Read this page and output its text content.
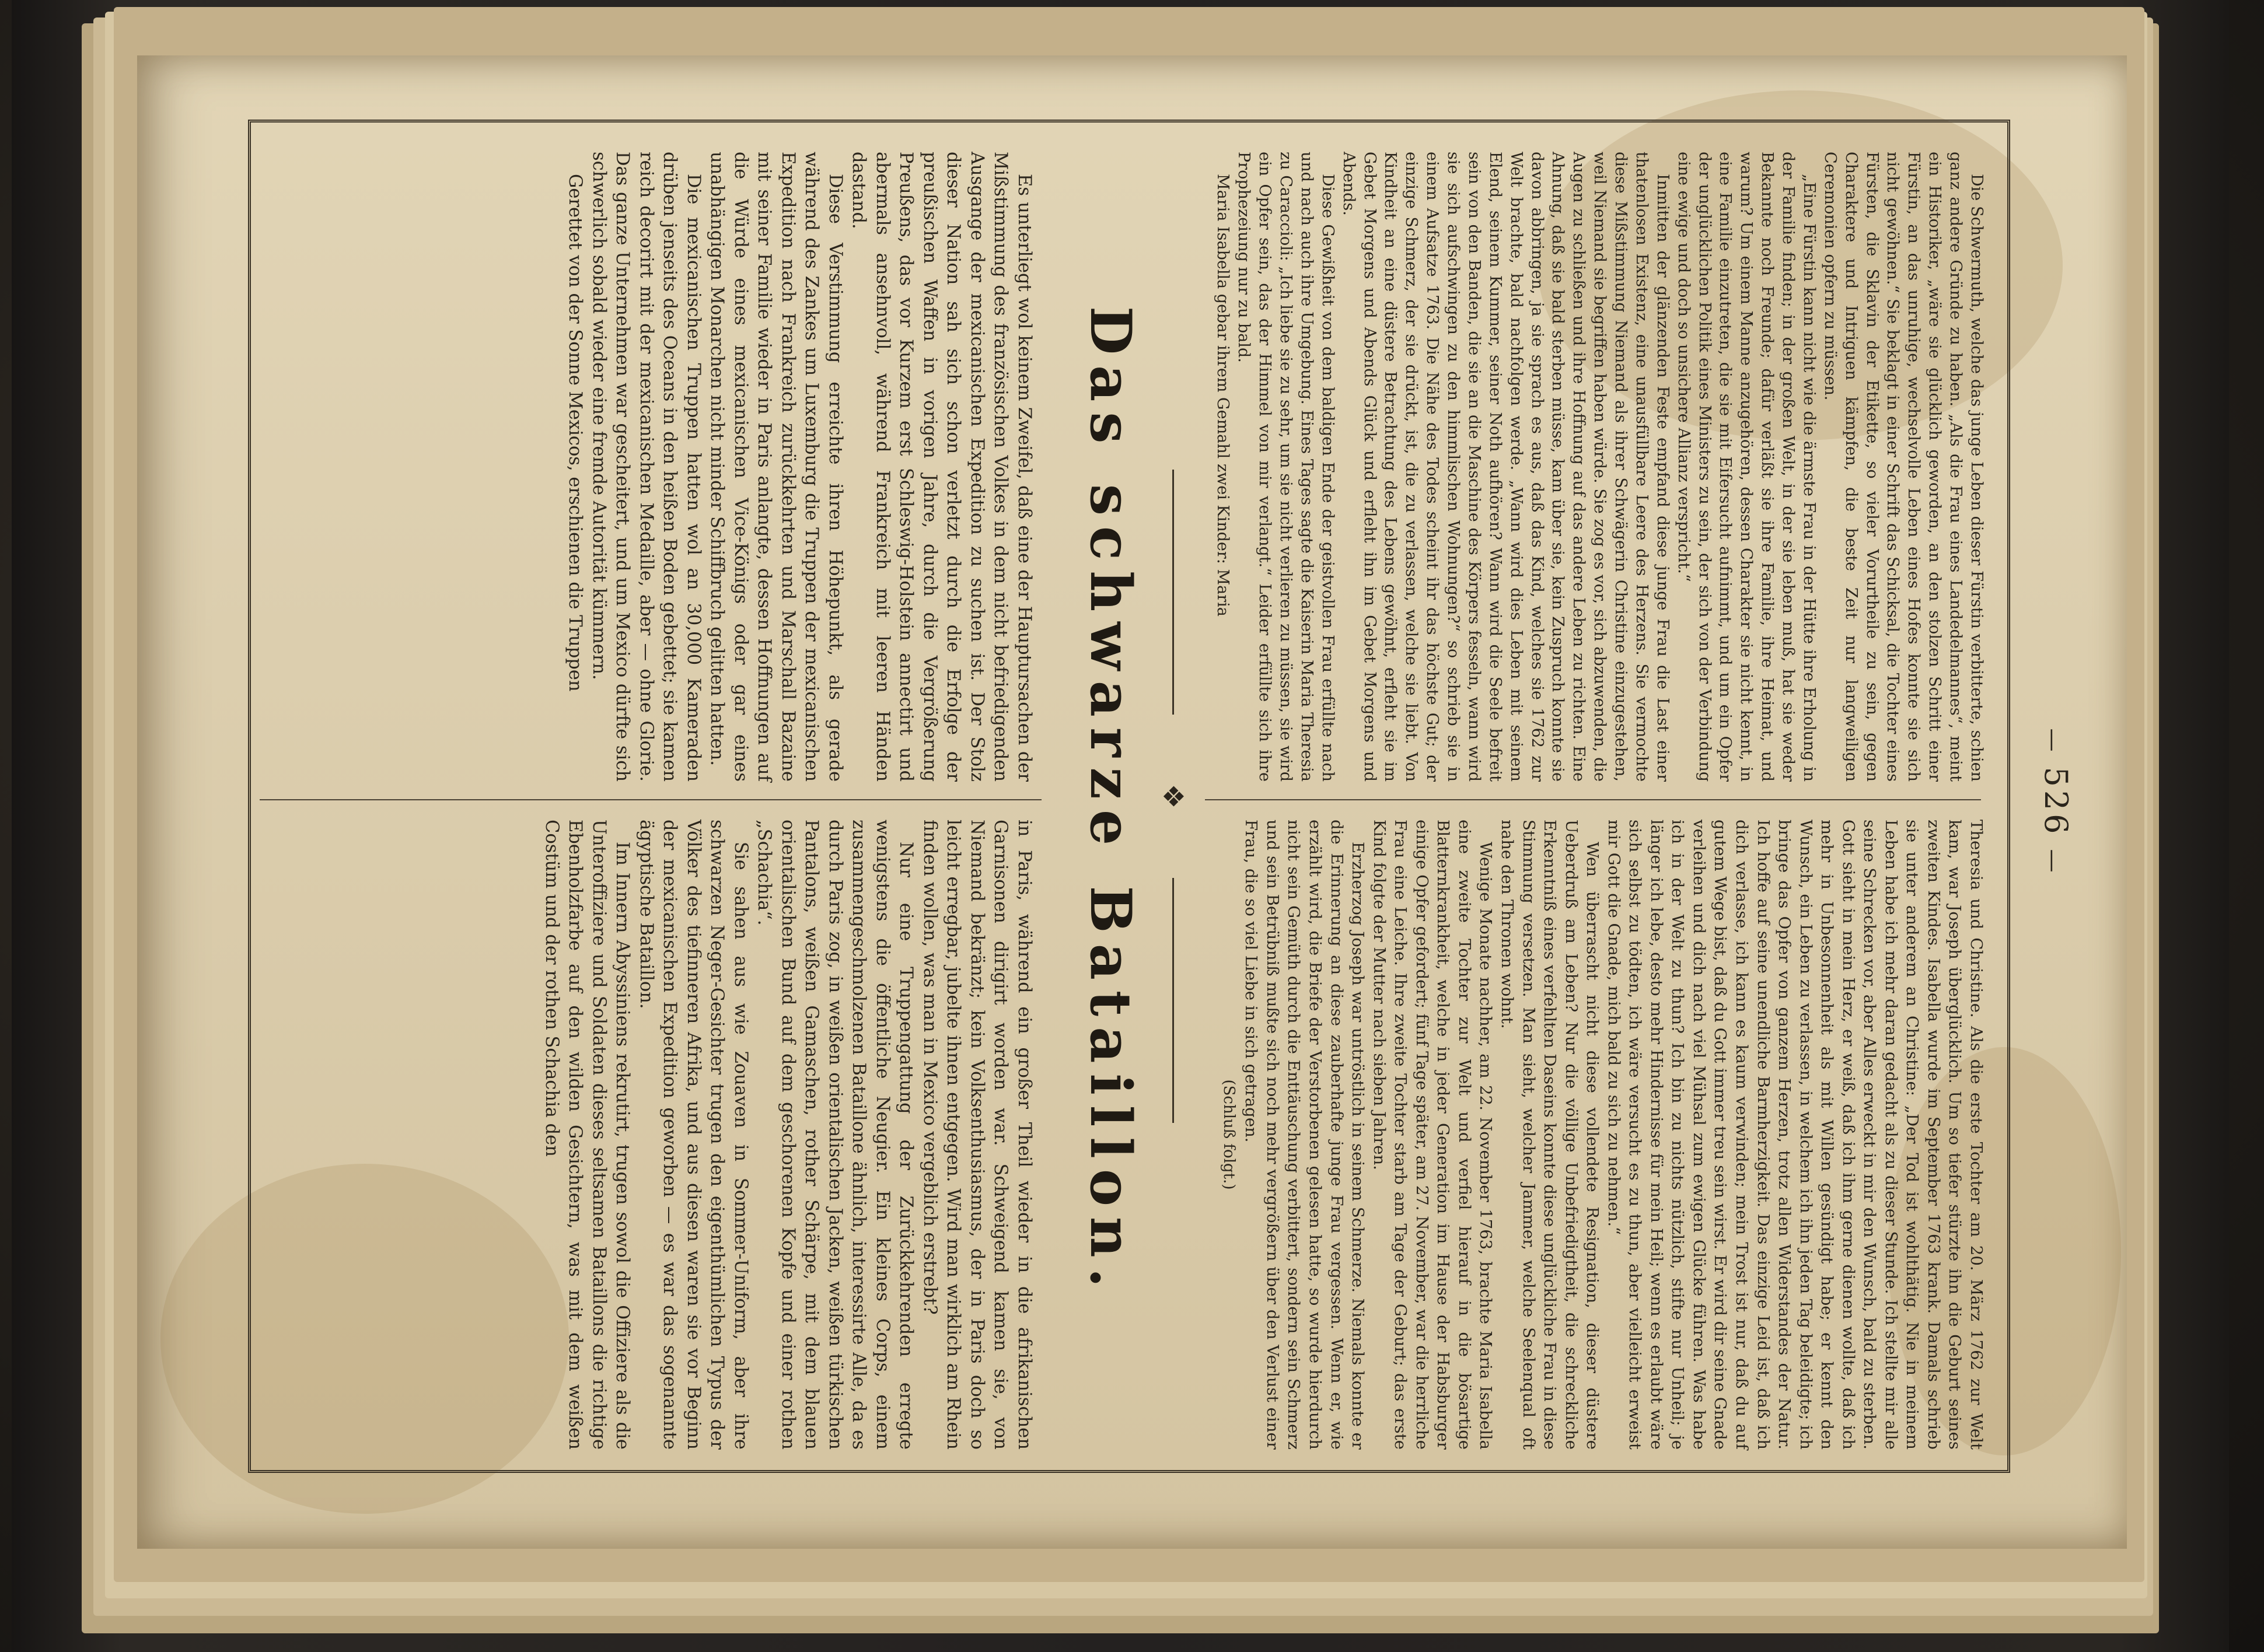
—526—

Die Schwermuth, welche das junge Leben dieser Fürstin verbitterte, schien ganz andere Gründe zu haben. „Als die Frau eines Landedelmannes“, meint ein Historiker, „wäre sie glücklich geworden, an den stolzen Schritt einer Fürstin, an das unruhige, wechselvolle Leben eines Hofes konnte sie sich nicht gewöhnen.“ Sie beklagt in einer Schrift das Schicksal, die Tochter eines Fürsten, die Sklavin der Etikette, so vieler Vorurtheile zu sein, gegen Charaktere und Intriguen kämpfen, die beste Zeit nur langweiligen Ceremonien opfern zu müssen.

„Eine Fürstin kann nicht wie die ärmste Frau in der Hütte ihre Erholung in der Familie finden; in der großen Welt, in der sie leben muß, hat sie weder Bekannte noch Freunde; dafür verläßt sie ihre Familie, ihre Heimat, und warum? Um einem Manne anzugehören, dessen Charakter sie nicht kennt, in eine Familie einzutreten, die sie mit Eifersucht aufnimmt, und um ein Opfer der unglücklichen Politik eines Ministers zu sein, der sich von der Verbindung eine ewige und doch so unsichere Allianz verspricht.“

Inmitten der glänzenden Feste empfand diese junge Frau die Last einer thatenlosen Existenz, eine unausfüllbare Leere des Herzens. Sie vermochte diese Mißstimmung Niemand als ihrer Schwägerin Christine einzugestehen, weil Niemand sie begriffen haben würde. Sie zog es vor, sich abzuwenden, die Augen zu schließen und ihre Hoffnung auf das andere Leben zu richten. Eine Ahnung, daß sie bald sterben müsse, kam über sie, kein Zuspruch konnte sie davon abbringen, ja sie sprach es aus, daß das Kind, welches sie 1762 zur Welt brachte, bald nachfolgen werde. „Wann wird dies Leben mit seinem Elend, seinem Kummer, seiner Noth aufhören? Wann wird die Seele befreit sein von den Banden, die sie an die Maschine des Körpers fesseln, wann wird sie sich aufschwingen zu den himmlischen Wohnungen?“ so schrieb sie in einem Aufsatze 1763. Die Nähe des Todes scheint ihr das höchste Gut; der einzige Schmerz, der sie drückt, ist, die zu verlassen, welche sie liebt. Von Kindheit an eine düstere Betrachtung des Lebens gewöhnt, erfleht sie im Gebet Morgens und Abends Glück und erfleht ihn im Gebet Morgens und Abends.

Diese Gewißheit von dem baldigen Ende der geistvollen Frau erfüllte nach und nach auch ihre Umgebung. Eines Tages sagte die Kaiserin Maria Theresia zu Caraccioli: „Ich liebe sie zu sehr, um sie nicht verlieren zu müssen, sie wird ein Opfer sein, das der Himmel von mir verlangt.“ Leider erfüllte sich ihre Prophezeiung nur zu bald.

Maria Isabella gebar ihrem Gemahl zwei Kinder: Maria

Theresia und Christine. Als die erste Tochter am 20. März 1762 zur Welt kam, war Joseph überglücklich. Um so tiefer stürzte ihn die Geburt seines zweiten Kindes. Isabella wurde im September 1763 krank. Damals schrieb sie unter anderem an Christine: „Der Tod ist wohlthätig. Nie in meinem Leben habe ich mehr daran gedacht als zu dieser Stunde. Ich stellte mir alle seine Schrecken vor, aber Alles erweckt in mir den Wunsch, bald zu sterben. Gott sieht in mein Herz, er weiß, daß ich ihm gerne dienen wollte, daß ich mehr in Unbesonnenheit als mit Willen gesündigt habe; er kennt den Wunsch, ein Leben zu verlassen, in welchem ich ihn jeden Tag beleidigte; ich bringe das Opfer von ganzem Herzen, trotz allen Widerstandes der Natur. Ich hoffe auf seine unendliche Barmherzigkeit. Das einzige Leid ist, daß ich dich verlasse, ich kann es kaum verwinden; mein Trost ist nur, daß du auf gutem Wege bist, daß du Gott immer treu sein wirst. Er wird dir seine Gnade verleihen und dich nach viel Mühsal zum ewigen Glücke führen. Was habe ich in der Welt zu thun? Ich bin zu nichts nützlich, stifte nur Unheil; je länger ich lebe, desto mehr Hindernisse für mein Heil; wenn es erlaubt wäre sich selbst zu tödten, ich wäre versucht es zu thun, aber vielleicht erweist mir Gott die Gnade, mich bald zu sich zu nehmen.“

Wen überrascht nicht diese vollendete Resignation, dieser düstere Ueberdruß am Leben? Nur die völlige Unbefriedigtheit, die schreckliche Erkenntniß eines verfehlten Daseins konnte diese unglückliche Frau in diese Stimmung versetzen. Man sieht, welcher Jammer, welche Seelenqual oft nahe den Thronen wohnt.

Wenige Monate nachher, am 22. November 1763, brachte Maria Isabella eine zweite Tochter zur Welt und verfiel hierauf in die bösartige Blatternkrankheit, welche in jeder Generation im Hause der Habsburger einige Opfer gefordert; fünf Tage später, am 27. November, war die herrliche Frau eine Leiche. Ihre zweite Tochter starb am Tage der Geburt; das erste Kind folgte der Mutter nach sieben Jahren.

Erzherzog Joseph war untröstlich in seinem Schmerze. Niemals konnte er die Erinnerung an diese zauberhafte junge Frau vergessen. Wenn er, wie erzählt wird, die Briefe der Verstorbenen gelesen hatte, so wurde hierdurch nicht sein Gemüth durch die Enttäuschung verbittert, sondern sein Schmerz und sein Betrübniß mußte sich noch mehr vergrößern über den Verlust einer Frau, die so viel Liebe in sich getragen.

(Schluß folgt.)
❖
Das schwarze Bataillon.

Es unterliegt wol keinem Zweifel, daß eine der Hauptursachen der Mißstimmung des französischen Volkes in dem nicht befriedigenden Ausgange der mexicanischen Expedition zu suchen ist. Der Stolz dieser Nation sah sich schon verletzt durch die Erfolge der preußischen Waffen in vorigen Jahre, durch die Vergrößerung Preußens, das vor Kurzem erst Schleswig-Holstein annectirt und abermals ansehnvoll, während Frankreich mit leeren Händen dastand.

Diese Verstimmung erreichte ihren Höhepunkt, als gerade während des Zankes um Luxemburg die Truppen der mexicanischen Expedition nach Frankreich zurückkehrten und Marschall Bazaine mit seiner Familie wieder in Paris anlangte, dessen Hoffnungen auf die Würde eines mexicanischen Vice-Königs oder gar eines unabhängigen Monarchen nicht minder Schiffbruch gelitten hatten.

Die mexicanischen Truppen hatten wol an 30,000 Kameraden drüben jenseits des Oceans in den heißen Boden gebettet; sie kamen reich decorirt mit der mexicanischen Medaille, aber — ohne Glorie. Das ganze Unternehmen war gescheitert, und um Mexico dürfte sich schwerlich sobald wieder eine fremde Autorität kümmern.

Gerettet von der Sonne Mexicos, erschienen die Truppen

in Paris, während ein großer Theil wieder in die afrikanischen Garnisonen dirigirt worden war. Schweigend kamen sie, von Niemand bekränzt; kein Volksenthusiasmus, der in Paris doch so leicht erregbar, jubelte ihnen entgegen. Wird man wirklich am Rhein finden wollen, was man in Mexico vergeblich erstrebt?

Nur eine Truppengattung der Zurückkehrenden erregte wenigstens die öffentliche Neugier. Ein kleines Corps, einem zusammengeschmolzenen Bataillone ähnlich, interessirte Alle, da es durch Paris zog, in weißen orientalischen Jacken, weißen türkischen Pantalons, weißen Gamaschen, rother Schärpe, mit dem blauen orientalischen Bund auf dem geschorenen Kopfe und einer rothen „Schachia“.

Sie sahen aus wie Zouaven in Sommer-Uniform, aber ihre schwarzen Neger-Gesichter trugen den eigenthümlichen Typus der Völker des tiefinneren Afrika, und aus diesen waren sie vor Beginn der mexicanischen Expedition geworben — es war das sogenannte ägyptische Bataillon.

Im Innern Abyssiniens rekrutirt, trugen sowol die Offiziere als die Unteroffiziere und Soldaten dieses seltsamen Bataillons die richtige Ebenholzfarbe auf den wilden Gesichtern, was mit dem weißen Costüm und der rothen Schachia den
